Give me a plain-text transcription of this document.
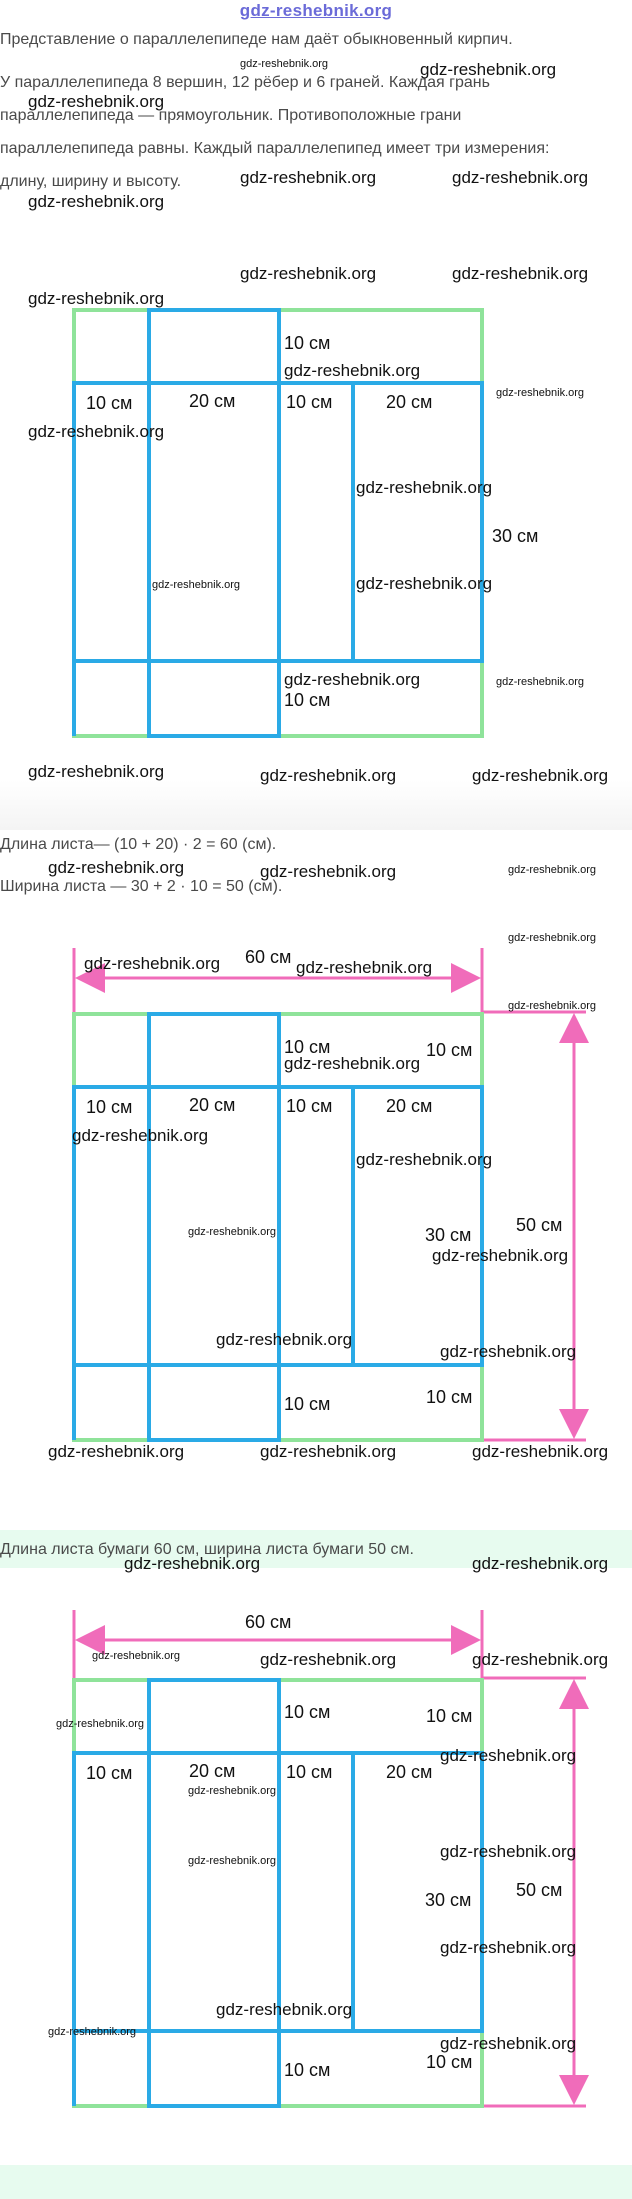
gdz-reshebnik.org
Представление о параллелепипеде нам даёт обыкновенный кирпич.
У параллелепипеда 8 вершин, 12 рёбер и 6 граней. Каждая грань
параллелепипеда — прямоугольник. Противоположные грани
параллелепипеда равны. Каждый параллелепипед имеет три измерения:
длину, ширину и высоту.
10 см
10 см	20 см	10 см	20 см
30 см
10 см
Длина листа— (10 + 20) · 2 = 60 (см).
Ширина листа — 30 + 2 · 10 = 50 (см).
60 см
10 см	10 см
10 см	20 см	10 см	20 см
50 см
30 см
10 см
10 см
Длина листа бумаги 60 см, ширина листа бумаги 50 см.
60 см
10 см	10 см
10 см	20 см	10 см	20 см
50 см
30 см
10 см
10 см
gdz-reshebnik.org	gdz-reshebnik.org
gdz-reshebnik.org
gdz-reshebnik.org	gdz-reshebnik.org
gdz-reshebnik.org
gdz-reshebnik.org	gdz-reshebnik.org
gdz-reshebnik.org
gdz-reshebnik.org
gdz-reshebnik.org
gdz-reshebnik.org
gdz-reshebnik.org
gdz-reshebnik.org	gdz-reshebnik.org
gdz-reshebnik.org	gdz-reshebnik.org
gdz-reshebnik.org	gdz-reshebnik.org	gdz-reshebnik.org
gdz-reshebnik.org	gdz-reshebnik.org	gdz-reshebnik.org
gdz-reshebnik.org
gdz-reshebnik.org	gdz-reshebnik.org
gdz-reshebnik.org
gdz-reshebnik.org
gdz-reshebnik.org
gdz-reshebnik.org
gdz-reshebnik.org
gdz-reshebnik.org
gdz-reshebnik.org
gdz-reshebnik.org
gdz-reshebnik.org	gdz-reshebnik.org	gdz-reshebnik.org
gdz-reshebnik.org	gdz-reshebnik.org
gdz-reshebnik.org	gdz-reshebnik.org	gdz-reshebnik.org
gdz-reshebnik.org
gdz-reshebnik.org
gdz-reshebnik.org
gdz-reshebnik.org	gdz-reshebnik.org
gdz-reshebnik.org
gdz-reshebnik.org
gdz-reshebnik.org
gdz-reshebnik.org
